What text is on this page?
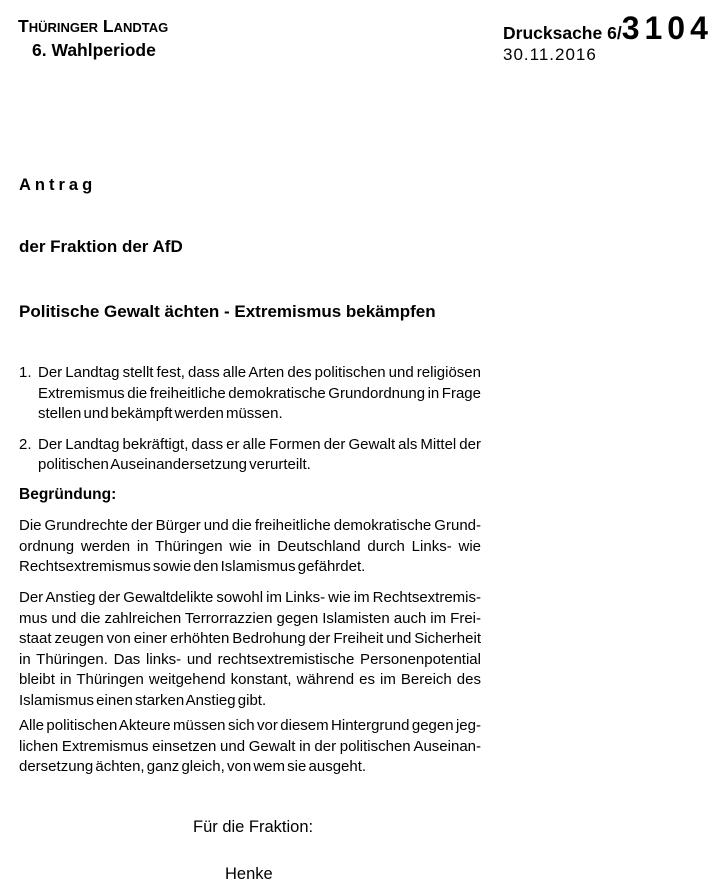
THÜRINGER LANDTAG
6. Wahlperiode
Drucksache 6/ 3104
30.11.2016
Antrag
der Fraktion der AfD
Politische Gewalt ächten - Extremismus bekämpfen
1. Der Landtag stellt fest, dass alle Arten des politischen und religiösen
Extremismus die freiheitliche demokratische Grundordnung in Frage
stellen und bekämpft werden müssen.
2. Der Landtag bekräftigt, dass er alle Formen der Gewalt als Mittel der
politischen Auseinandersetzung verurteilt.
Begründung:
Die Grundrechte der Bürger und die freiheitliche demokratische Grund-
ordnung werden in Thüringen wie in Deutschland durch Links- wie
Rechtsextremismus sowie den Islamismus gefährdet.
Der Anstieg der Gewaltdelikte sowohl im Links- wie im Rechtsextremis-
mus und die zahlreichen Terrorrazzien gegen Islamisten auch im Frei-
staat zeugen von einer erhöhten Bedrohung der Freiheit und Sicherheit
in Thüringen. Das links- und rechtsextremistische Personenpotential
bleibt in Thüringen weitgehend konstant, während es im Bereich des
Islamismus einen starken Anstieg gibt.
Alle politischen Akteure müssen sich vor diesem Hintergrund gegen jeg-
lichen Extremismus einsetzen und Gewalt in der politischen Auseinan-
dersetzung ächten, ganz gleich, von wem sie ausgeht.
Für die Fraktion:
Henke
